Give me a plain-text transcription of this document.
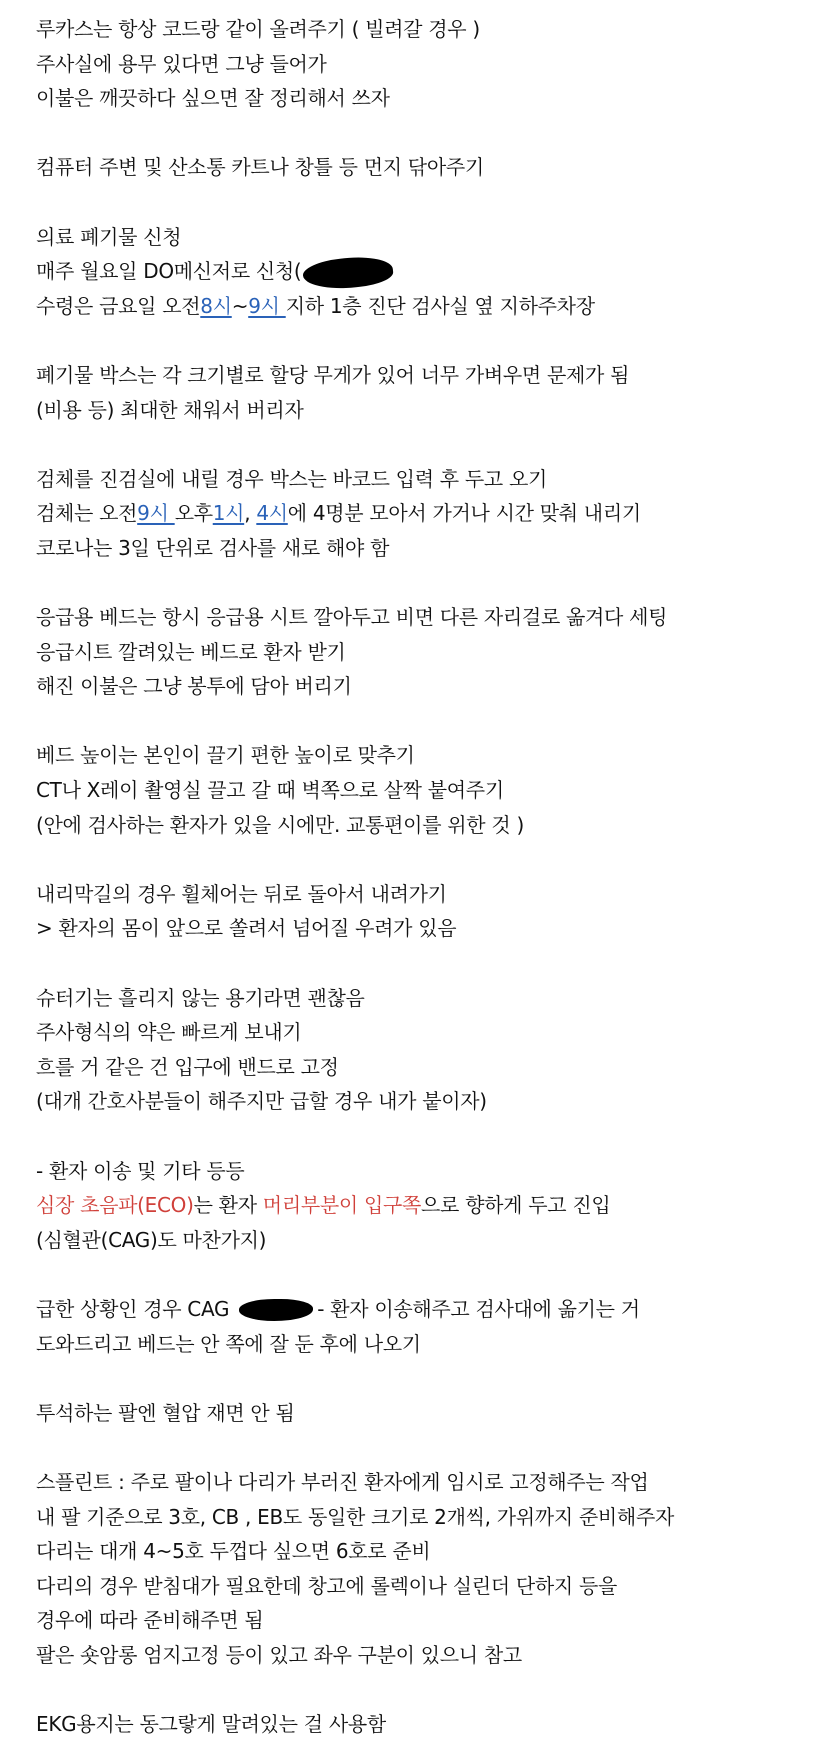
루카스는 항상 코드랑 같이 올려주기 ( 빌려갈 경우 )
주사실에 용무 있다면 그냥 들어가
이불은 깨끗하다 싶으면 잘 정리해서 쓰자
컴퓨터 주변 및 산소통 카트나 창틀 등 먼지 닦아주기
의료 폐기물 신청
매주 월요일 DO메신저로 신청(
수령은 금요일 오전8시~9시 지하 1층 진단 검사실 옆 지하주차장
폐기물 박스는 각 크기별로 할당 무게가 있어 너무 가벼우면 문제가 됨
(비용 등) 최대한 채워서 버리자
검체를 진검실에 내릴 경우 박스는 바코드 입력 후 두고 오기
검체는 오전9시 오후1시, 4시에 4명분 모아서 가거나 시간 맞춰 내리기
코로나는 3일 단위로 검사를 새로 해야 함
응급용 베드는 항시 응급용 시트 깔아두고 비면 다른 자리걸로 옮겨다 세팅
응급시트 깔려있는 베드로 환자 받기
해진 이불은 그냥 봉투에 담아 버리기
베드 높이는 본인이 끌기 편한 높이로 맞추기
CT나 X레이 촬영실 끌고 갈 때 벽쪽으로 살짝 붙여주기
(안에 검사하는 환자가 있을 시에만. 교통편이를 위한 것 )
내리막길의 경우 휠체어는 뒤로 돌아서 내려가기
> 환자의 몸이 앞으로 쏠려서 넘어질 우려가 있음
슈터기는 흘리지 않는 용기라면 괜찮음
주사형식의 약은 빠르게 보내기
흐를 거 같은 건 입구에 밴드로 고정
(대개 간호사분들이 해주지만 급할 경우 내가 붙이자)
- 환자 이송 및 기타 등등
심장 초음파(ECO)는 환자 머리부분이 입구쪽으로 향하게 두고 진입
(심혈관(CAG)도 마찬가지)
급한 상황인 경우 CAG	- 환자 이송해주고 검사대에 옮기는 거
도와드리고 베드는 안 쪽에 잘 둔 후에 나오기
투석하는 팔엔 혈압 재면 안 됨
스플린트 : 주로 팔이나 다리가 부러진 환자에게 임시로 고정해주는 작업
내 팔 기준으로 3호, CB , EB도 동일한 크기로 2개씩, 가위까지 준비해주자
다리는 대개 4~5호 두껍다 싶으면 6호로 준비
다리의 경우 받침대가 필요한데 창고에 롤렉이나 실린더 단하지 등을
경우에 따라 준비해주면 됨
팔은 숏암롱 엄지고정 등이 있고 좌우 구분이 있으니 참고
EKG용지는 동그랗게 말려있는 걸 사용함
